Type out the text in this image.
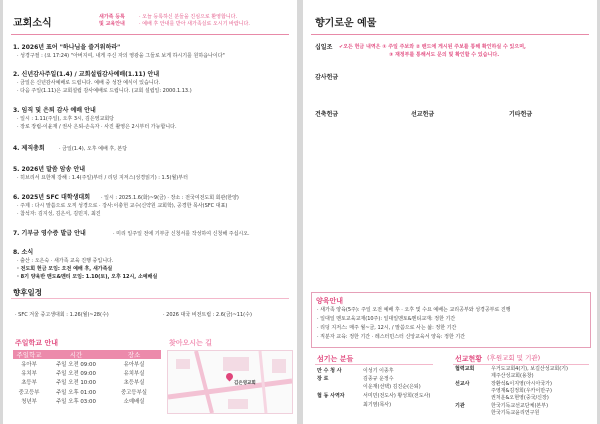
교회소식
새가족 등록
및 교육안내
· 오늘 등록하신 분들을 진심으로 환영합니다.
· 예배 후 안내를 받아 새가족실로 오시기 바랍니다.
1. 2026년 표어 "하나님을 즐거워하라"
· 성경구절 : (요 17:24) "아버지여, 내게 주신 자의 영광을 그들로 보게 하시기를 원하옵나이다"
2. 신년감사주일(1.4) / 교회설립감사예배(1.11) 안내
· 금일은 신년감사예배로 드립니다. 예배 중 성찬 예식이 있습니다.
· 다음 주일(1.11)은 교회설립 감사예배로 드립니다. (교회 설립일: 2000.1.13.)
3. 임직 및 은퇴 감사 예배 안내
· 일시 : 1.11(주일), 오후 3시, 김은영교회당
· 장로 장립-이윤재 / 권사 은퇴-손옥자 · 사진 촬영은 2시부터 가능합니다.
4. 제직총회	· 금일(1.4), 오후 예배 후, 본당
5. 2026년 말씀 암송 안내
· 히브리서 요한계 강해 : 1.4(주일)부터 / 리딩 지저스(성경읽기) : 1.5(월)부터
6. 2025년 SFC 대학생대회 · 일시 : 2025.1.6(화)~9(금) · 장소 : 전국여전도회 회관(한양)
· 주제 : 다시 말씀으로 오직 성경으로 · 강사:이충헌 교수(신약원 교회학), 공경한 목사(SFC 대표)
· 참석자: 김지성, 김은서, 김민지, 최진
7. 기부금 영수증 발급 안내	· 미리 일주일 전에 기부금 신청서를 작성하여 신청해 주십시오.
8. 소식
· 출산 : 오은숙 · 새가족 교육 진행 중입니다.
· 전도회 헌금 모임: 오전 예배 후, 새가족실
· 8기 양육반 맨도&멘티 모임: 1.10(토), 오후 12시, 소예배실
향후일정
· SFC 겨울 중고생대회 : 1.26(월)~28(수)	· 2026 대국 비전트립 : 2.6(금)~11(수)
주일학교 안내
주일학교	시간	장소
유아부	주일 오전 09:00	유아부실
유치부	주일 오전 09:00	유치부실
초등부	주일 오전 10:00	초등부실
중고등부	주일 오후 01:00	중고등부실
청년부	주일 오후 03:00	소예배실
찾아오시는 길
김은영교회
향기로운 예물
십일조 ✔오든 헌금 내역은 ① 주일 주보와 ② 밴드에 게시된 주보를 통해 확인하실 수 있으며,
③ 재정부를 통해서도 문의 및 확인할 수 있습니다.
감사헌금
건축헌금	선교헌금	기타헌금
양육안내
· 새가족 양육(5주): 주일 오전 예배 후 · 오후 및 수요 예배는 교리공부와 성경공부로 진행
· 일대일 멘토교육교재(10주): 일대일멘토&멘티교재: 정한 기간
· 리딩 지저스: 매주 월~금, 12시, / 말씀으로 사는 삶: 정한 기간
· 직분자 교육: 정한 기간 · 레스터민스터 신앙교육서 양육: 정한 기간
섬기는 분들
만 수 청 사	이성기 이종후
장 로	김종규 운정수
이운재(선택) 김진순(은퇴)
협 동 사역자	서미민(전도사) 황성희(전도사)
최기염(목사)
선교현황 (후원교회 및 기관)
협력교회	우거도교회4(기), 보길산성교회(기)
제주산성교회(용창)
선교사	장환석&이지영(아시아국가)
주영재&김정희(우카이만구)
권처운&오현영(중국/신장)
기관	한국기독교선교단체(본부)
한국기독교윤리연구원
